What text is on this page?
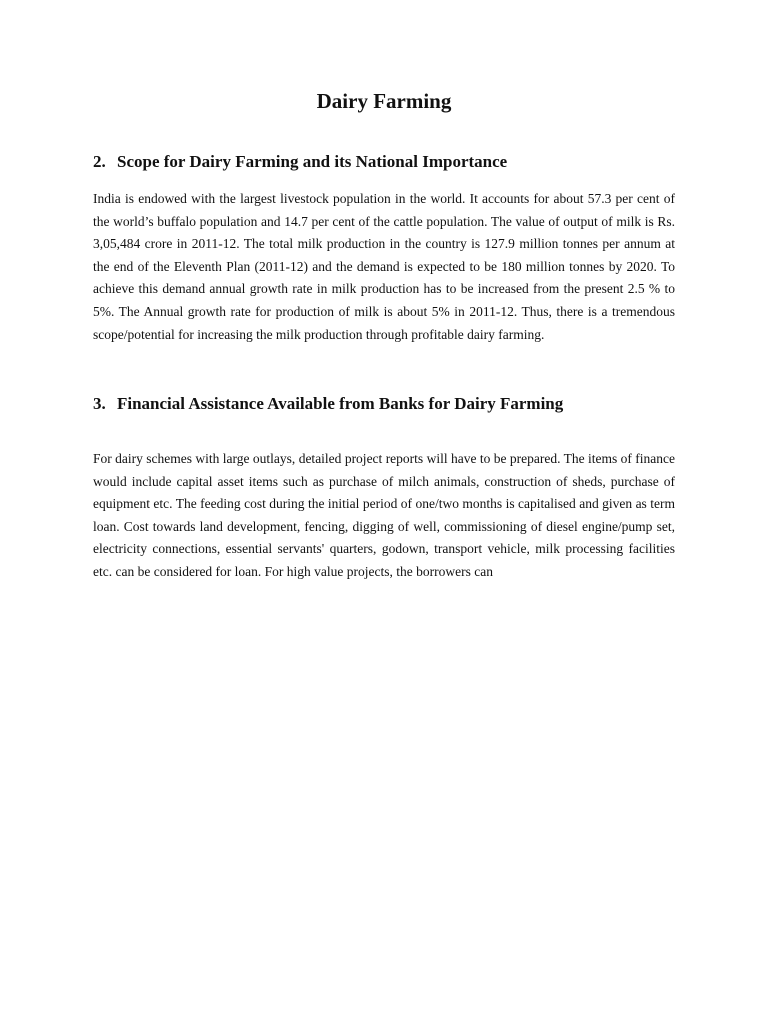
Dairy Farming
2. Scope for Dairy Farming and its National Importance

India is endowed with the largest livestock population in the world. It accounts for about 57.3 per cent of the world’s buffalo population and 14.7 per cent of the cattle population. The value of output of milk is Rs. 3,05,484 crore in 2011-12. The total milk production in the country is 127.9 million tonnes per annum at the end of the Eleventh Plan (2011-12) and the demand is expected to be 180 million tonnes by 2020. To achieve this demand annual growth rate in milk production has to be increased from the present 2.5 % to 5%. The Annual growth rate for production of milk is about 5% in 2011-12. Thus, there is a tremendous scope/potential for increasing the milk production through profitable dairy farming.

3. Financial Assistance Available from Banks for Dairy Farming

For dairy schemes with large outlays, detailed project reports will have to be prepared. The items of finance would include capital asset items such as purchase of milch animals, construction of sheds, purchase of equipment etc. The feeding cost during the initial period of one/two months is capitalised and given as term loan. Cost towards land development, fencing, digging of well, commissioning of diesel engine/pump set, electricity connections, essential servants' quarters, godown, transport vehicle, milk processing facilities etc. can be considered for loan. For high value projects, the borrowers can
